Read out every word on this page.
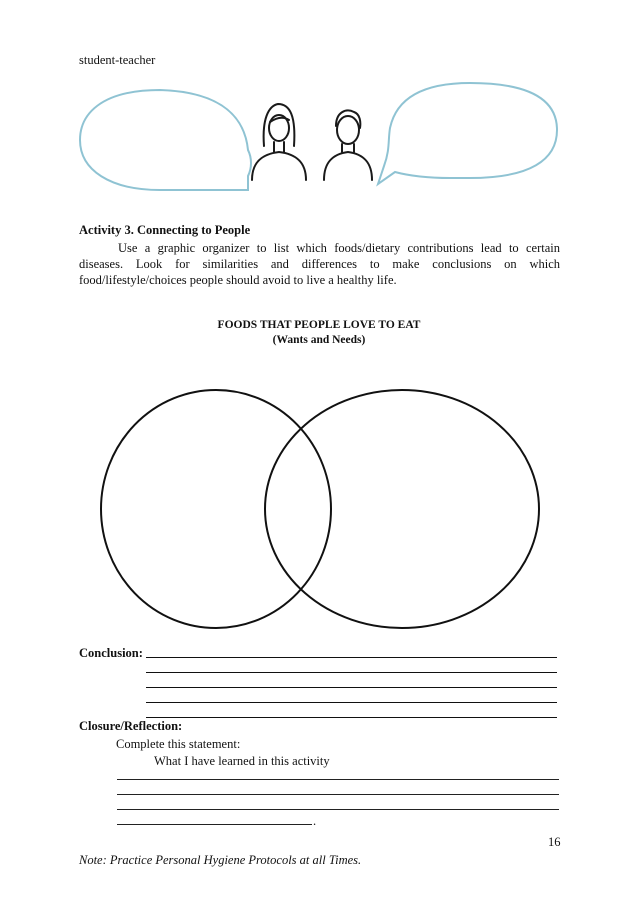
student-teacher
Activity 3. Connecting to People
Use a graphic organizer to list which foods/dietary contributions lead to certain
diseases. Look for similarities and differences to make conclusions on which
food/lifestyle/choices people should avoid to live a healthy life.
FOODS THAT PEOPLE LOVE TO EAT
(Wants and Needs)
Conclusion:
Closure/Reflection:
Complete this statement:
What I have learned in this activity
.
16
Note: Practice Personal Hygiene Protocols at all Times.
